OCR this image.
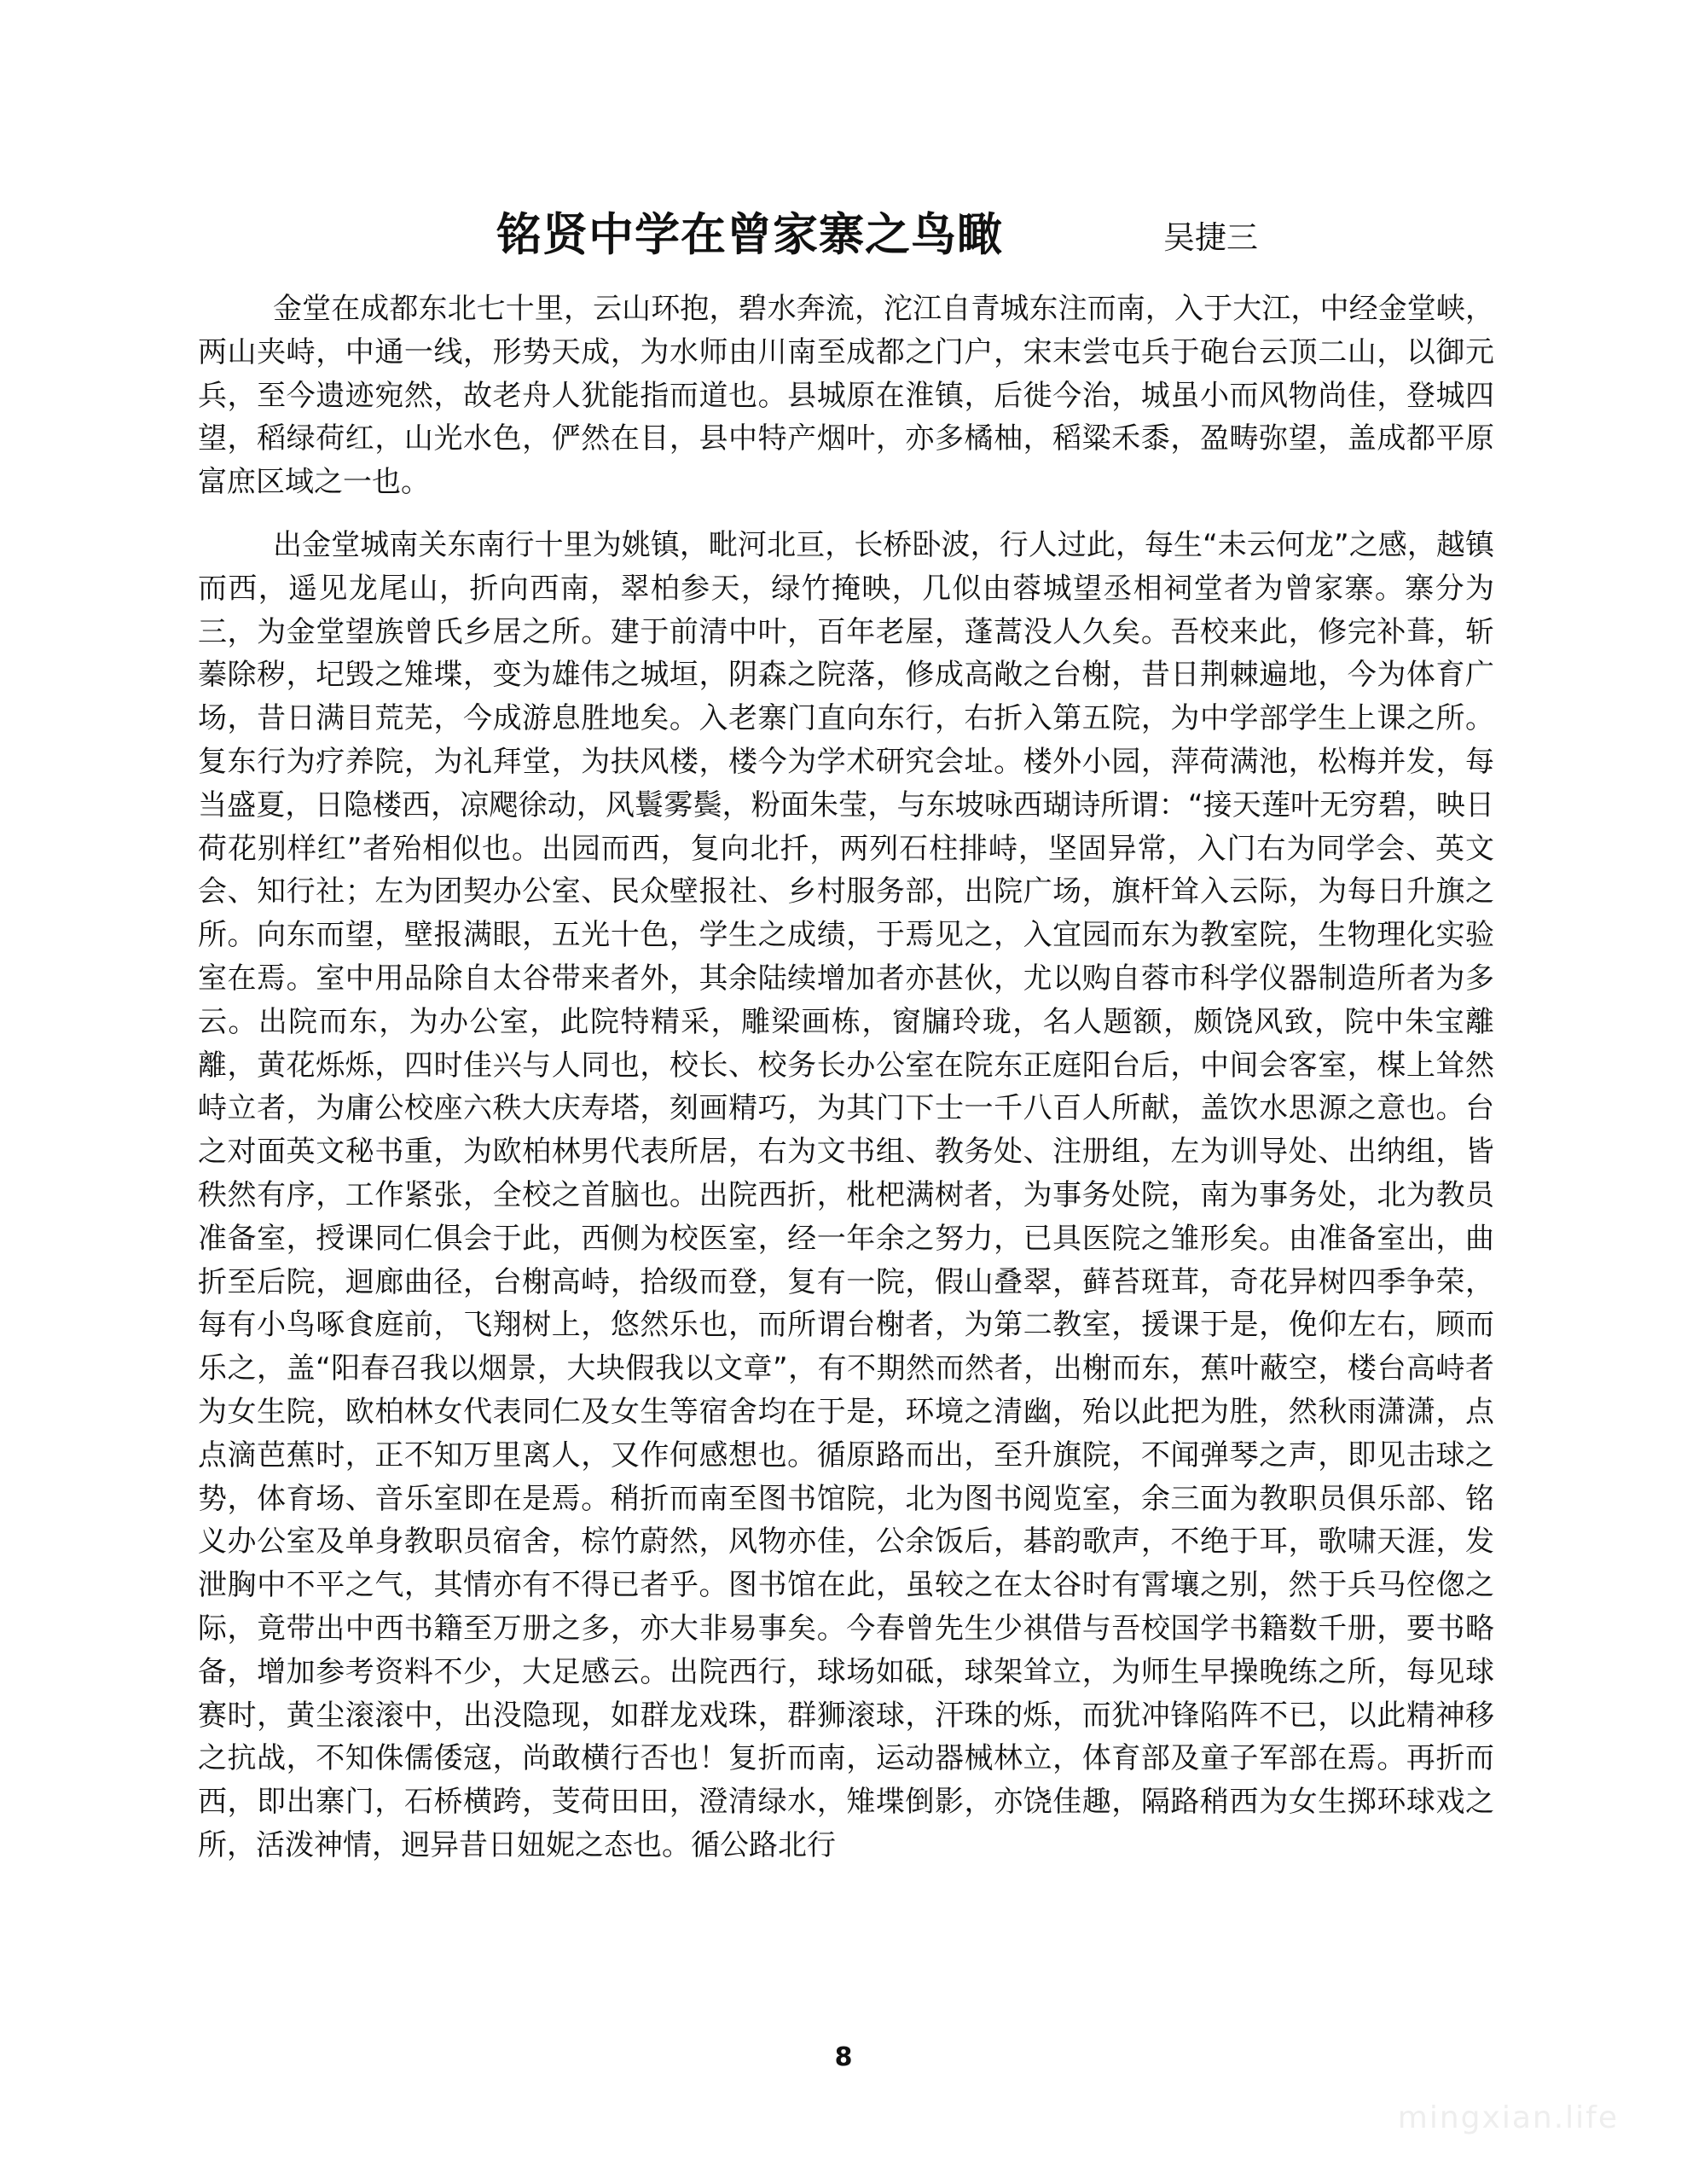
铭贤中学在曾家寨之鸟瞰	吴捷三

金堂在成都东北七十里，云山环抱，碧水奔流，沱江自青城东注而南，入于大江，中经金堂峡，两山夹峙，中通一线，形势天成，为水师由川南至成都之门户，宋末尝屯兵于砲台云顶二山，以御元兵，至今遗迹宛然，故老舟人犹能指而道也。县城原在淮镇，后徙今治，城虽小而风物尚佳，登城四望，稻绿荷红，山光水色，俨然在目，县中特产烟叶，亦多橘柚，稻粱禾黍，盈畴弥望，盖成都平原富庶区域之一也。

出金堂城南关东南行十里为姚镇，毗河北亘，长桥卧波，行人过此，每生“未云何龙”之感，越镇而西，遥见龙尾山，折向西南，翠柏参天，绿竹掩映，几似由蓉城望丞相祠堂者为曾家寨。寨分为三，为金堂望族曾氏乡居之所。建于前清中叶，百年老屋，蓬蒿没人久矣。吾校来此，修完补葺，斩蓁除秽，圮毁之雉堞，变为雄伟之城垣，阴森之院落，修成高敞之台榭，昔日荆棘遍地，今为体育广场，昔日满目荒芜，今成游息胜地矣。入老寨门直向东行，右折入第五院，为中学部学生上课之所。复东行为疗养院，为礼拜堂，为扶风楼，楼今为学术研究会址。楼外小园，萍荷满池，松梅并发，每当盛夏，日隐楼西，凉飔徐动，风鬟雾鬓，粉面朱莹，与东坡咏西瑚诗所谓：“接天莲叶无穷碧，映日荷花别样红”者殆相似也。出园而西，复向北扦，两列石柱排峙，坚固异常，入门右为同学会、英文会、知行社；左为团契办公室、民众壁报社、乡村服务部，出院广场，旗杆耸入云际，为每日升旗之所。向东而望，壁报满眼，五光十色，学生之成绩，于焉见之，入宜园而东为教室院，生物理化实验室在焉。室中用品除自太谷带来者外，其余陆续增加者亦甚伙，尤以购自蓉市科学仪器制造所者为多云。出院而东，为办公室，此院特精采，雕梁画栋，窗牖玲珑，名人题额，颇饶风致，院中朱宝離離，黄花烁烁，四时佳兴与人同也，校长、校务长办公室在院东正庭阳台后，中间会客室，楳上耸然峙立者，为庸公校座六秩大庆寿塔，刻画精巧，为其门下士一千八百人所献，盖饮水思源之意也。台之对面英文秘书重，为欧柏林男代表所居，右为文书组、教务处、注册组，左为训导处、出纳组，皆秩然有序，工作紧张，全校之首脑也。出院西折，枇杷满树者，为事务处院，南为事务处，北为教员准备室，授课同仁俱会于此，西侧为校医室，经一年余之努力，已具医院之雏形矣。由准备室出，曲折至后院，迴廊曲径，台榭高峙，拾级而登，复有一院，假山叠翠，藓苔斑茸，奇花异树四季争荣，每有小鸟啄食庭前，飞翔树上，悠然乐也，而所谓台榭者，为第二教室，援课于是，俛仰左右，顾而乐之，盖“阳春召我以烟景，大块假我以文章”，有不期然而然者，出榭而东，蕉叶蔽空，楼台高峙者为女生院，欧柏林女代表同仁及女生等宿舍均在于是，环境之清幽，殆以此把为胜，然秋雨潇潇，点点滴芭蕉时，正不知万里离人，又作何感想也。循原路而出，至升旗院，不闻弹琴之声，即见击球之势，体育场、音乐室即在是焉。稍折而南至图书馆院，北为图书阅览室，余三面为教职员俱乐部、铭义办公室及单身教职员宿舍，棕竹蔚然，风物亦佳，公余饭后，碁韵歌声，不绝于耳，歌啸天涯，发泄胸中不平之气，其情亦有不得已者乎。图书馆在此，虽较之在太谷时有霄壤之别，然于兵马倥偬之际，竟带出中西书籍至万册之多，亦大非易事矣。今春曾先生少祺借与吾校国学书籍数千册，要书略备，增加参考资料不少，大足感云。出院西行，球场如砥，球架耸立，为师生早操晚练之所，每见球赛时，黄尘滚滚中，出没隐现，如群龙戏珠，群狮滚球，汗珠的烁，而犹冲锋陷阵不已，以此精神移之抗战，不知侏儒倭寇，尚敢横行否也！复折而南，运动器械林立，体育部及童子军部在焉。再折而西，即出寨门，石桥横跨，芰荷田田，澄清绿水，雉堞倒影，亦饶佳趣，隔路稍西为女生掷环球戏之所，活泼神情，迥异昔日妞妮之态也。循公路北行

8
mingxian.life
